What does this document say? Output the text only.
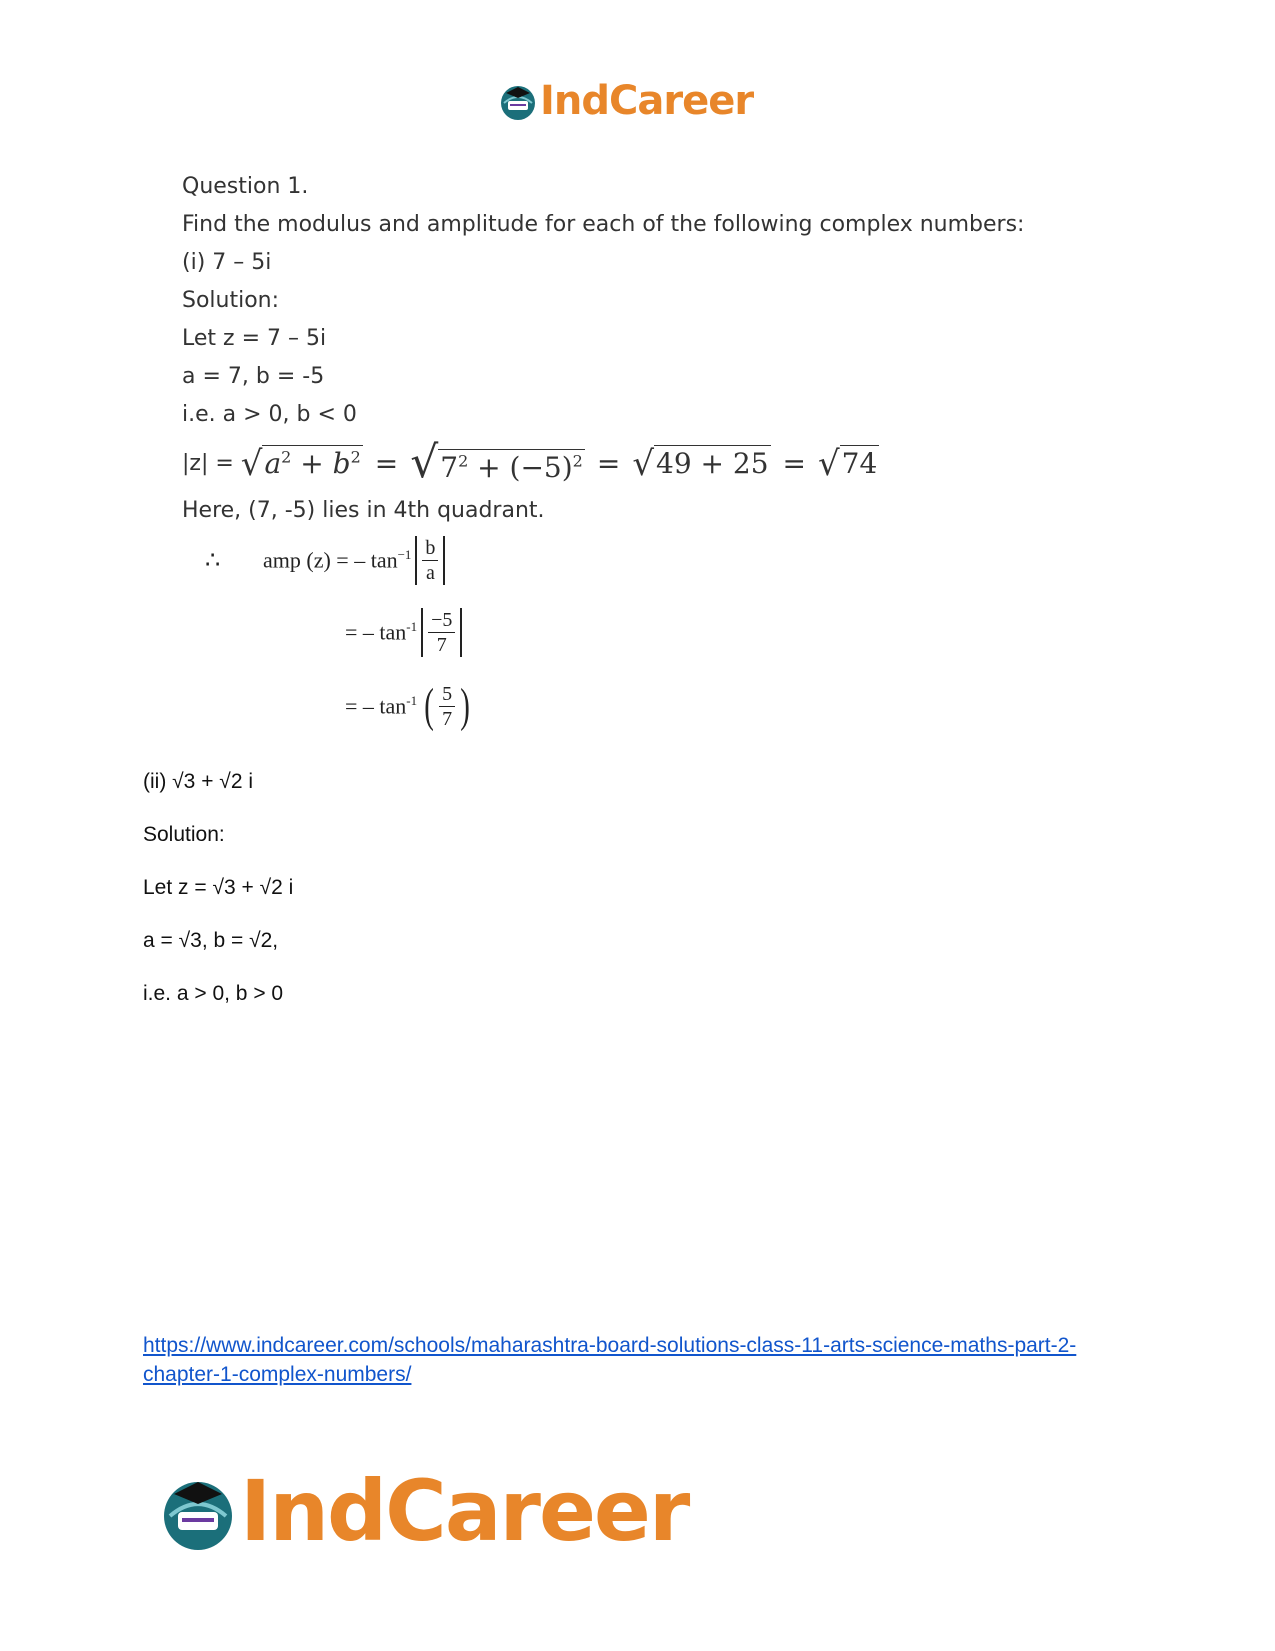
IndCareer
Question 1.
Find the modulus and amplitude for each of the following complex numbers:
(i) 7 – 5i
Solution:
Let z = 7 – 5i
a = 7, b = -5
i.e. a > 0, b < 0
|z| = √ $a^2 + b^2$ = √ $7^2 + (-5)^2$ = √ 49 + 25 = √ 74
Here, (7, -5) lies in 4th quadrant.
∴	amp (z) = – $\tan^{-1} \frac{b}{a}$
= – $\tan^{-1} \frac{-5}{7}$
= – $\tan^{-1}$ ( $\frac{5}{7}$ )
(ii) √3 + √2 i
Solution:
Let z = √3 + √2 i
a = √3, b = √2,
i.e. a > 0, b > 0
https://www.indcareer.com/schools/maharashtra-board-solutions-class-11-arts-science-maths-part-2-chapter-1-complex-numbers/
IndCareer
